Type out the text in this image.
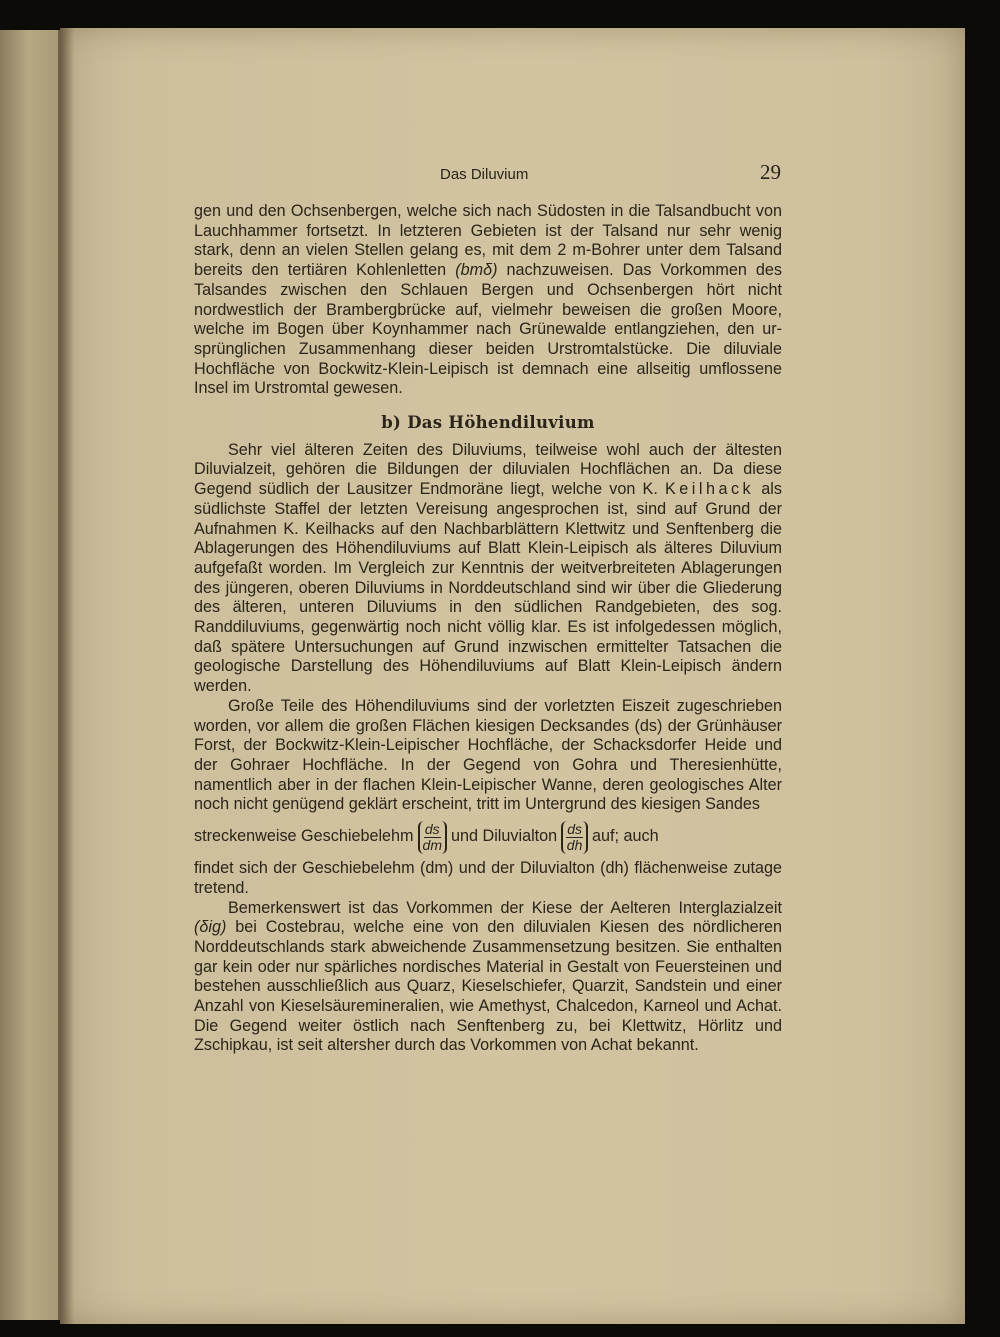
Das Diluvium	29

gen und den Ochsenbergen, welche sich nach Südosten in die Talsandbucht von Lauchhammer fortsetzt. In letzteren Gebieten ist der Talsand nur sehr wenig stark, denn an vielen Stellen gelang es, mit dem 2 m-Bohrer unter dem Talsand bereits den tertiären Kohlenletten (bmδ) nachzuweisen. Das Vorkommen des Talsandes zwischen den Schlauen Bergen und Ochsenbergen hört nicht nordwestlich der Brambergbrücke auf, vielmehr beweisen die großen Moore, welche im Bogen über Koynhammer nach Grünewalde entlangziehen, den ursprünglichen Zusammenhang dieser beiden Urstromtalstücke. Die diluviale Hochfläche von Bockwitz-Klein-Leipisch ist demnach eine allseitig umflossene Insel im Urstromtal gewesen.

b) Das Höhendiluvium

Sehr viel älteren Zeiten des Diluviums, teilweise wohl auch der ältesten Diluvialzeit, gehören die Bildungen der diluvialen Hochflächen an. Da diese Gegend südlich der Lausitzer Endmoräne liegt, welche von K. Keilhack als südlichste Staffel der letzten Vereisung angesprochen ist, sind auf Grund der Aufnahmen K. Keilhacks auf den Nachbarblättern Klettwitz und Senftenberg die Ablagerungen des Höhendiluviums auf Blatt Klein-Leipisch als älteres Diluvium aufgefaßt worden. Im Vergleich zur Kenntnis der weitverbreiteten Ablagerungen des jüngeren, oberen Diluviums in Norddeutschland sind wir über die Gliederung des älteren, unteren Diluviums in den südlichen Randgebieten, des sog. Randdiluviums, gegenwärtig noch nicht völlig klar. Es ist infolgedessen möglich, daß spätere Untersuchungen auf Grund inzwischen ermittelter Tatsachen die geologische Darstellung des Höhendiluviums auf Blatt Klein-Leipisch ändern werden.

Große Teile des Höhendiluviums sind der vorletzten Eiszeit zugeschrieben worden, vor allem die großen Flächen kiesigen Decksandes (ds) der Grünhäuser Forst, der Bockwitz-Klein-Leipischer Hochfläche, der Schacksdorfer Heide und der Gohraer Hochfläche. In der Gegend von Gohra und Theresienhütte, namentlich aber in der flachen Klein-Leipischer Wanne, deren geologisches Alter noch nicht genügend geklärt erscheint, tritt im Untergrund des kiesigen Sandes

streckenweise Geschiebelehm $\frac{ds}{dm}$ und Diluvialton $\frac{ds}{dh}$ auf; auch

findet sich der Geschiebelehm (dm) und der Diluvialton (dh) flächenweise zutage tretend.

Bemerkenswert ist das Vorkommen der Kiese der Aelteren Interglazialzeit (δig) bei Costebrau, welche eine von den diluvialen Kiesen des nördlicheren Norddeutschlands stark abweichende Zusammensetzung besitzen. Sie enthalten gar kein oder nur spärliches nordisches Material in Gestalt von Feuersteinen und bestehen ausschließlich aus Quarz, Kieselschiefer, Quarzit, Sandstein und einer Anzahl von Kieselsäuremineralien, wie Amethyst, Chalcedon, Karneol und Achat. Die Gegend weiter östlich nach Senftenberg zu, bei Klettwitz, Hörlitz und Zschipkau, ist seit altersher durch das Vorkommen von Achat bekannt.
